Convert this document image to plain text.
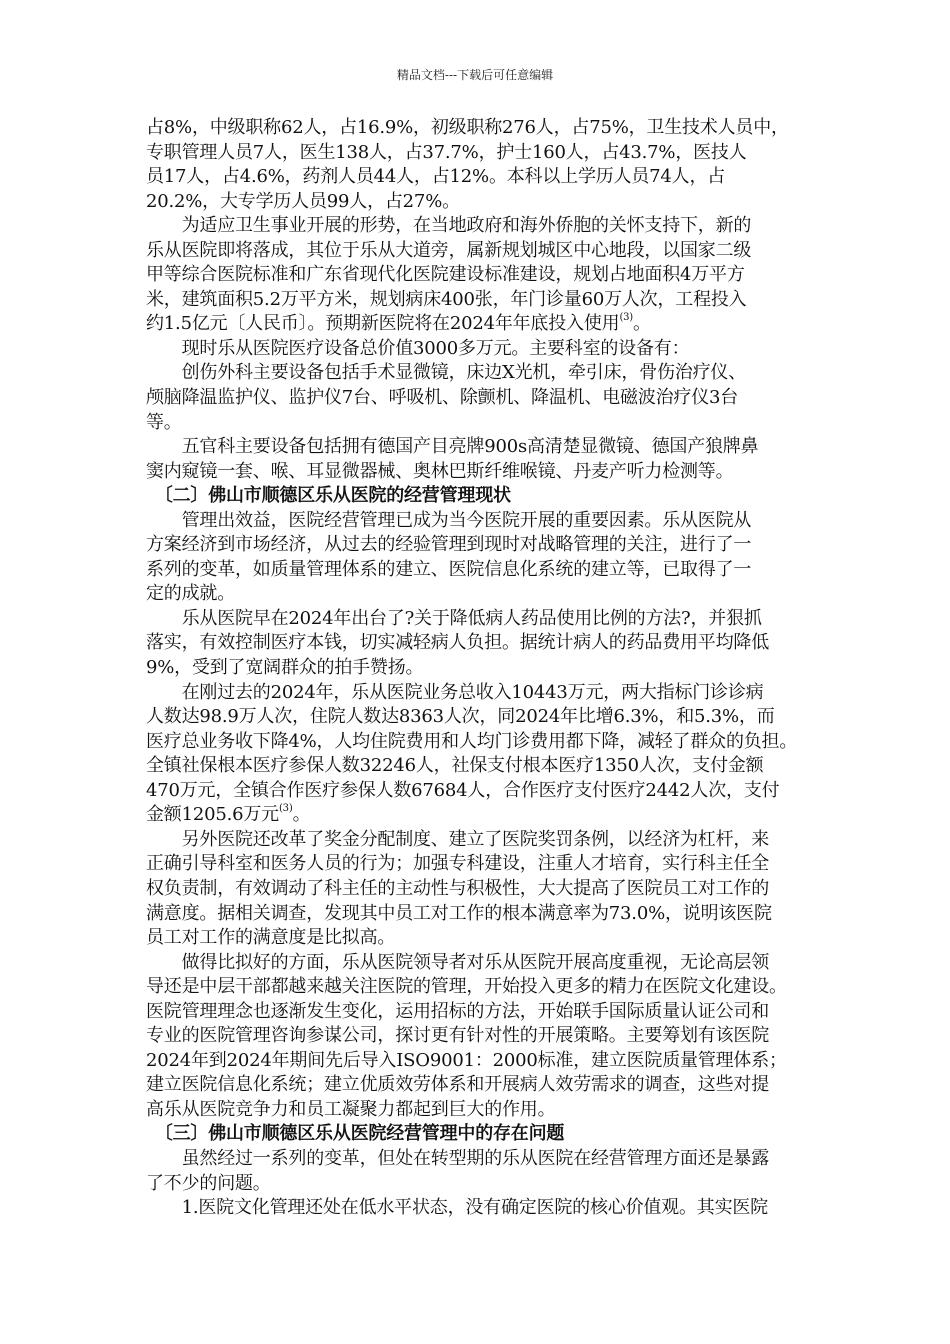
精品文档---下载后可任意编辑
占8%，中级职称62人，占16.9%，初级职称276人，占75%，卫生技术人员中，
专职管理人员7人，医生138人，占37.7%，护士160人，占43.7%，医技人
员17人，占4.6%，药剂人员44人，占12%。本科以上学历人员74人，占
20.2%，大专学历人员99人，占27%。
　　为适应卫生事业开展的形势，在当地政府和海外侨胞的关怀支持下，新的
乐从医院即将落成，其位于乐从大道旁，属新规划城区中心地段，以国家二级
甲等综合医院标准和广东省现代化医院建设标准建设，规划占地面积4万平方
米，建筑面积5.2万平方米，规划病床400张，年门诊量60万人次，工程投入
约1.5亿元〔人民币〕。预期新医院将在2024年年底投入使用$^{(3)}$。
　　现时乐从医院医疗设备总价值3000多万元。主要科室的设备有：
　　创伤外科主要设备包括手术显微镜，床边X光机，牵引床，骨伤治疗仪、
颅脑降温监护仪、监护仪7台、呼吸机、除颤机、降温机、电磁波治疗仪3台
等。
　　五官科主要设备包括拥有德国产目亮牌900s高清楚显微镜、德国产狼牌鼻
窦内窥镜一套、喉、耳显微器械、奥林巴斯纤维喉镜、丹麦产听力检测等。
　〔二〕佛山市顺德区乐从医院的经营管理现状
　　管理出效益，医院经营管理已成为当今医院开展的重要因素。乐从医院从
方案经济到市场经济，从过去的经验管理到现时对战略管理的关注，进行了一
系列的变革，如质量管理体系的建立、医院信息化系统的建立等，已取得了一
定的成就。
　　乐从医院早在2024年出台了?关于降低病人药品使用比例的方法?，并狠抓
落实，有效控制医疗本钱，切实减轻病人负担。据统计病人的药品费用平均降低
9%，受到了宽阔群众的拍手赞扬。
　　在刚过去的2024年，乐从医院业务总收入10443万元，两大指标门诊诊病
人数达98.9万人次，住院人数达8363人次，同2024年比增6.3%，和5.3%，而
医疗总业务收下降4%，人均住院费用和人均门诊费用都下降，减轻了群众的负担。
全镇社保根本医疗参保人数32246人，社保支付根本医疗1350人次，支付金额
470万元，全镇合作医疗参保人数67684人，合作医疗支付医疗2442人次，支付
金额1205.6万元$^{(3)}$。
　　另外医院还改革了奖金分配制度、建立了医院奖罚条例，以经济为杠杆，来
正确引导科室和医务人员的行为；加强专科建设，注重人才培育，实行科主任全
权负责制，有效调动了科主任的主动性与积极性，大大提高了医院员工对工作的
满意度。据相关调查，发现其中员工对工作的根本满意率为73.0%，说明该医院
员工对工作的满意度是比拟高。
　　做得比拟好的方面，乐从医院领导者对乐从医院开展高度重视，无论高层领
导还是中层干部都越来越关注医院的管理，开始投入更多的精力在医院文化建设。
医院管理理念也逐渐发生变化，运用招标的方法，开始联手国际质量认证公司和
专业的医院管理咨询参谋公司，探讨更有针对性的开展策略。主要筹划有该医院
2024年到2024年期间先后导入ISO9001：2000标准，建立医院质量管理体系；
建立医院信息化系统；建立优质效劳体系和开展病人效劳需求的调查，这些对提
高乐从医院竞争力和员工凝聚力都起到巨大的作用。
　〔三〕佛山市顺德区乐从医院经营管理中的存在问题
　　虽然经过一系列的变革，但处在转型期的乐从医院在经营管理方面还是暴露
了不少的问题。
　　1.医院文化管理还处在低水平状态，没有确定医院的核心价值观。其实医院
